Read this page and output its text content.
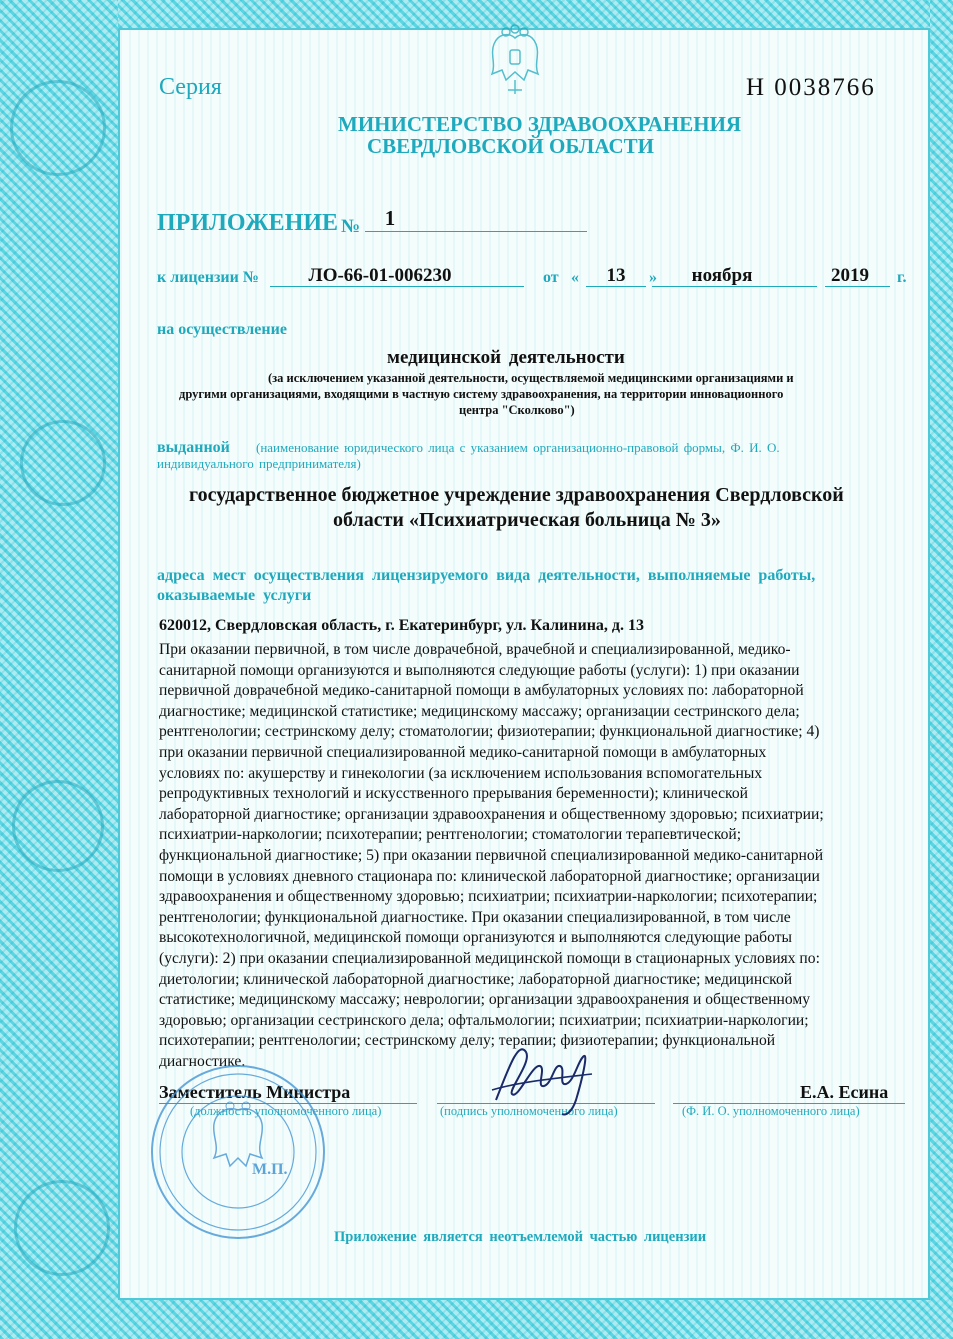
Серия	Н 0038766
МИНИСТЕРСТВО ЗДРАВООХРАНЕНИЯ
СВЕРДЛОВСКОЙ ОБЛАСТИ
ПРИЛОЖЕНИЕ №	1
к лицензии №	ЛО-66-01-006230	от «	13	»	ноября	2019	г.
на осуществление
медицинской деятельности
(за исключением указанной деятельности, осуществляемой медицинскими организациями и
другими организациями, входящими в частную систему здравоохранения, на территории инновационного
центра "Сколково")
выданной (наименование юридического лица с указанием организационно-правовой формы, Ф. И. О.
индивидуального предпринимателя)
государственное бюджетное учреждение здравоохранения Свердловской
области «Психиатрическая больница № 3»
адреса мест осуществления лицензируемого вида деятельности, выполняемые работы,
оказываемые услуги
620012, Свердловская область, г. Екатеринбург, ул. Калинина, д. 13
При оказании первичной, в том числе доврачебной, врачебной и специализированной, медико-
санитарной помощи организуются и выполняются следующие работы (услуги): 1) при оказании
первичной доврачебной медико-санитарной помощи в амбулаторных условиях по: лабораторной
диагностике; медицинской статистике; медицинскому массажу; организации сестринского дела;
рентгенологии; сестринскому делу; стоматологии; физиотерапии; функциональной диагностике; 4)
при оказании первичной специализированной медико-санитарной помощи в амбулаторных
условиях по: акушерству и гинекологии (за исключением использования вспомогательных
репродуктивных технологий и искусственного прерывания беременности); клинической
лабораторной диагностике; организации здравоохранения и общественному здоровью; психиатрии;
психиатрии-наркологии; психотерапии; рентгенологии; стоматологии терапевтической;
функциональной диагностике; 5) при оказании первичной специализированной медико-санитарной
помощи в условиях дневного стационара по: клинической лабораторной диагностике; организации
здравоохранения и общественному здоровью; психиатрии; психиатрии-наркологии; психотерапии;
рентгенологии; функциональной диагностике. При оказании специализированной, в том числе
высокотехнологичной, медицинской помощи организуются и выполняются следующие работы
(услуги): 2) при оказании специализированной медицинской помощи в стационарных условиях по:
диетологии; клинической лабораторной диагностике; лабораторной диагностике; медицинской
статистике; медицинскому массажу; неврологии; организации здравоохранения и общественному
здоровью; организации сестринского дела; офтальмологии; психиатрии; психиатрии-наркологии;
психотерапии; рентгенологии; сестринскому делу; терапии; физиотерапии; функциональной
диагностике.
Заместитель Министра
(должность уполномоченного лица)	(подпись уполномоченного лица)
Е.А. Есина
(Ф. И. О. уполномоченного лица)
М.П.
Приложение является неотъемлемой частью лицензии
